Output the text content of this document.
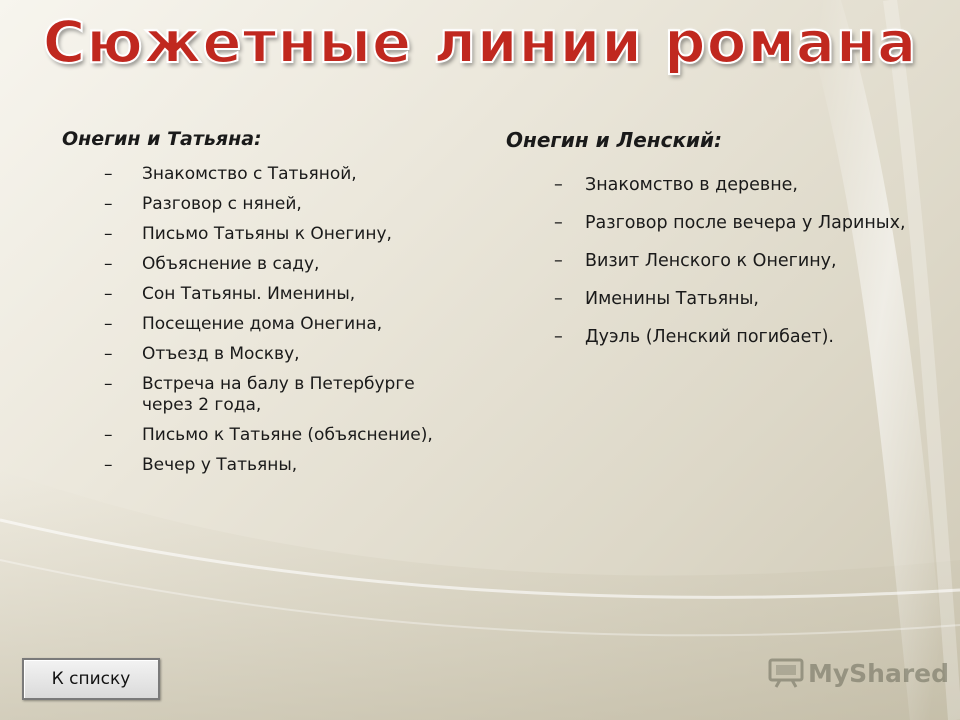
Сюжетные линии романа
Онегин и Татьяна:
– Знакомство с Татьяной,
– Разговор с няней,
– Письмо Татьяны к Онегину,
– Объяснение в саду,
– Сон Татьяны. Именины,
– Посещение дома Онегина,
– Отъезд в Москву,
– Встреча на балу в Петербурге через 2 года,
– Письмо к Татьяне (объяснение),
– Вечер у Татьяны,
Онегин и Ленский:
– Знакомство в деревне,
– Разговор после вечера у Лариных,
– Визит Ленского к Онегину,
– Именины Татьяны,
– Дуэль (Ленский погибает).
К списку	MyShared
